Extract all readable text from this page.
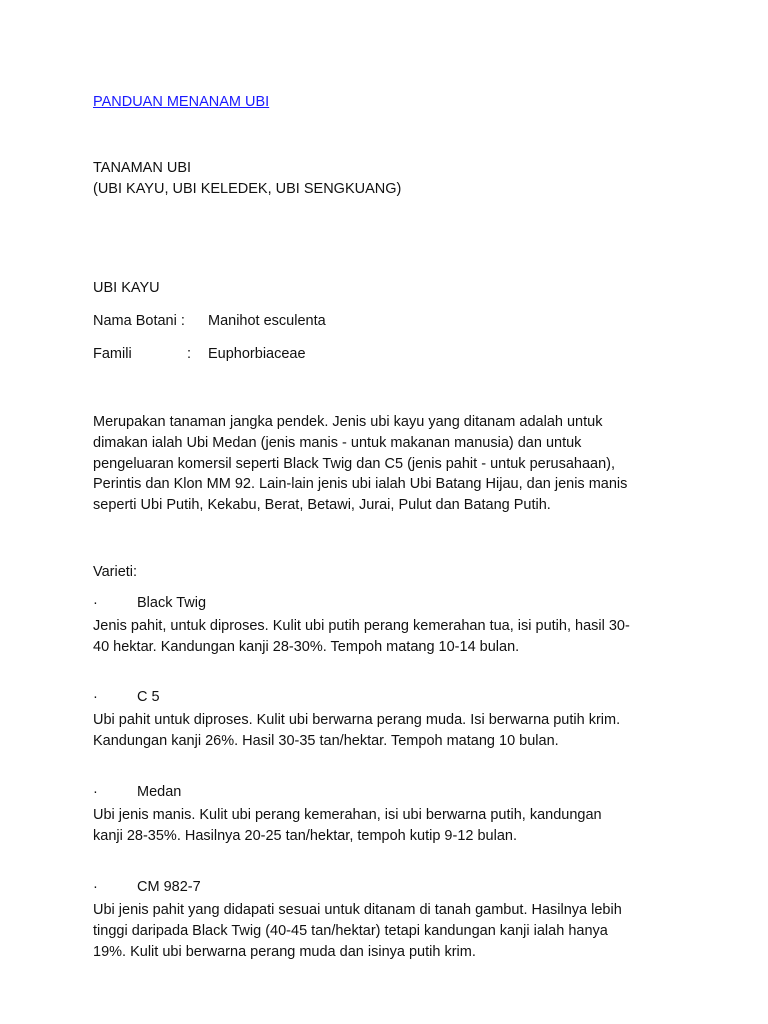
PANDUAN MENANAM UBI
TANAMAN UBI
(UBI KAYU, UBI KELEDEK, UBI SENGKUANG)
UBI KAYU
Nama Botani : Manihot esculenta
Famili	: Euphorbiaceae
Merupakan tanaman jangka pendek. Jenis ubi kayu yang ditanam adalah untuk
dimakan ialah Ubi Medan (jenis manis - untuk makanan manusia) dan untuk
pengeluaran komersil seperti Black Twig dan C5 (jenis pahit - untuk perusahaan),
Perintis dan Klon MM 92. Lain-lain jenis ubi ialah Ubi Batang Hijau, dan jenis manis
seperti Ubi Putih, Kekabu, Berat, Betawi, Jurai, Pulut dan Batang Putih.
Varieti:
·	Black Twig
Jenis pahit, untuk diproses. Kulit ubi putih perang kemerahan tua, isi putih, hasil 30-
40 hektar. Kandungan kanji 28-30%. Tempoh matang 10-14 bulan.
·	C 5
Ubi pahit untuk diproses. Kulit ubi berwarna perang muda. Isi berwarna putih krim.
Kandungan kanji 26%. Hasil 30-35 tan/hektar. Tempoh matang 10 bulan.
·	Medan
Ubi jenis manis. Kulit ubi perang kemerahan, isi ubi berwarna putih, kandungan
kanji 28-35%. Hasilnya 20-25 tan/hektar, tempoh kutip 9-12 bulan.
·	CM 982-7
Ubi jenis pahit yang didapati sesuai untuk ditanam di tanah gambut. Hasilnya lebih
tinggi daripada Black Twig (40-45 tan/hektar) tetapi kandungan kanji ialah hanya
19%. Kulit ubi berwarna perang muda dan isinya putih krim.
